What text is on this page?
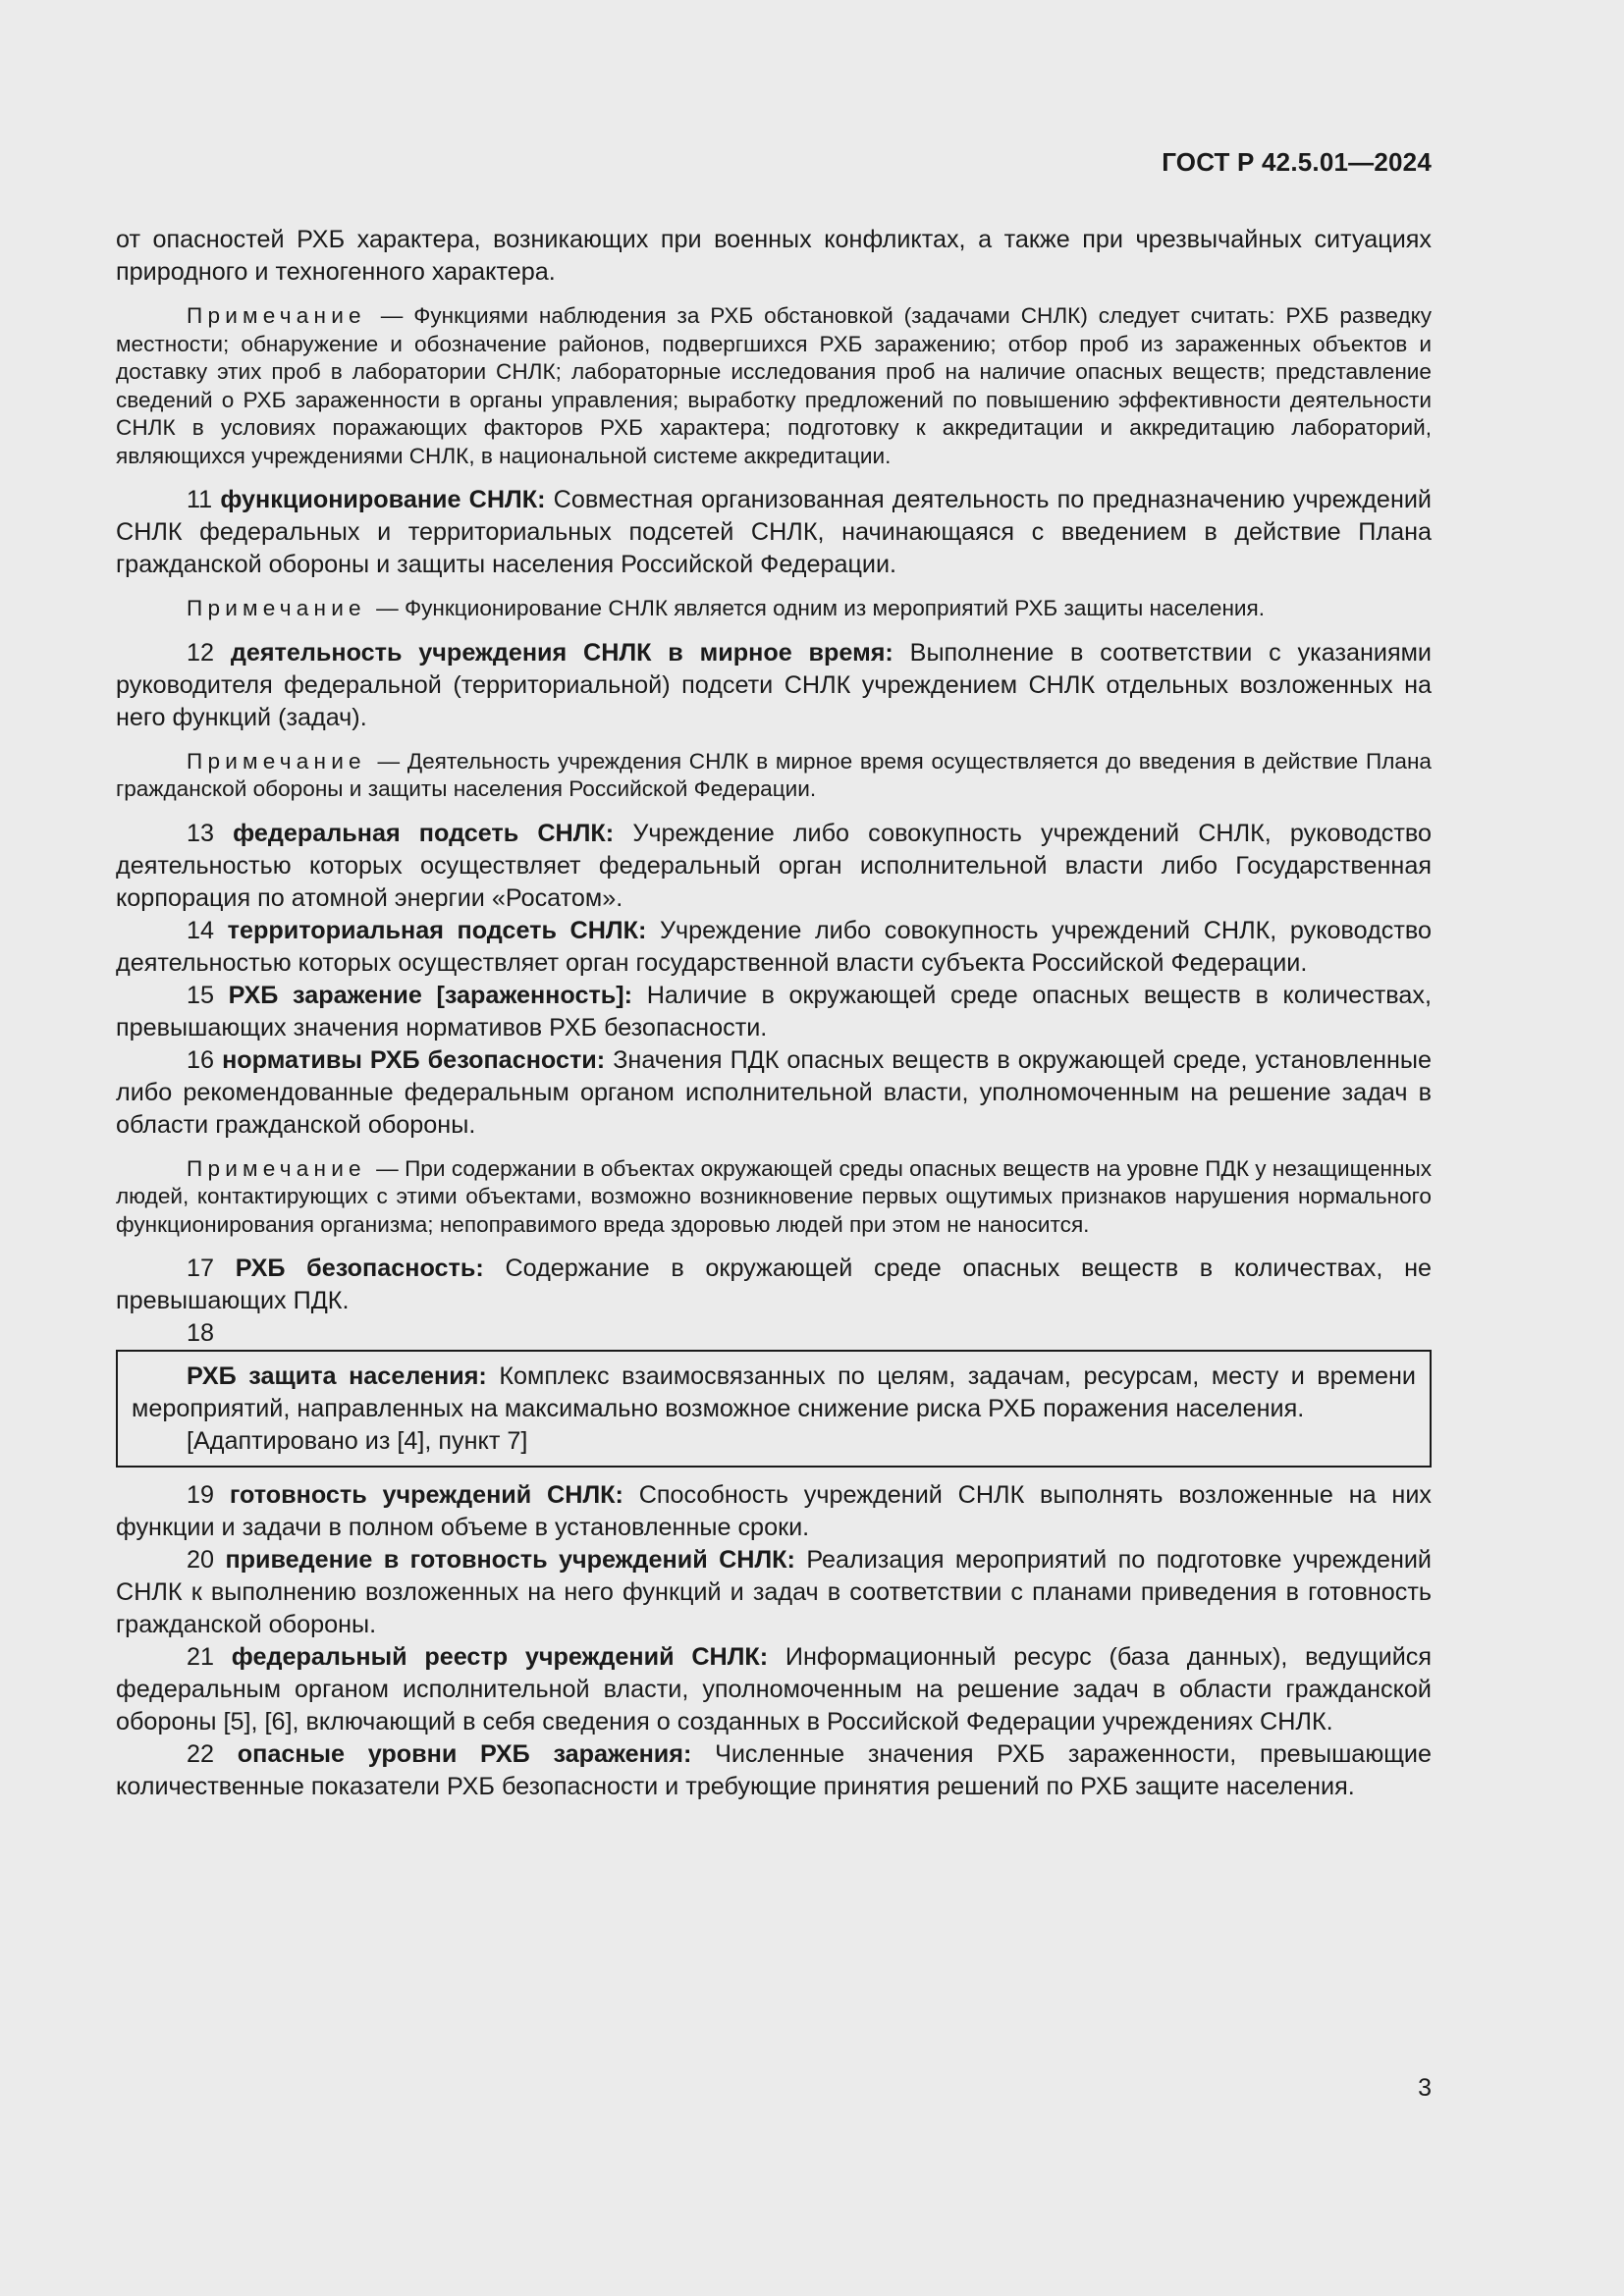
ГОСТ Р 42.5.01—2024

от опасностей РХБ характера, возникающих при военных конфликтах, а также при чрезвычайных ситуациях природного и техногенного характера.

Примечание — Функциями наблюдения за РХБ обстановкой (задачами СНЛК) следует считать: РХБ разведку местности; обнаружение и обозначение районов, подвергшихся РХБ заражению; отбор проб из зараженных объектов и доставку этих проб в лаборатории СНЛК; лабораторные исследования проб на наличие опасных веществ; представление сведений о РХБ зараженности в органы управления; выработку предложений по повышению эффективности деятельности СНЛК в условиях поражающих факторов РХБ характера; подготовку к аккредитации и аккредитацию лабораторий, являющихся учреждениями СНЛК, в национальной системе аккредитации.

11 функционирование СНЛК: Совместная организованная деятельность по предназначению учреждений СНЛК федеральных и территориальных подсетей СНЛК, начинающаяся с введением в действие Плана гражданской обороны и защиты населения Российской Федерации.

Примечание — Функционирование СНЛК является одним из мероприятий РХБ защиты населения.

12 деятельность учреждения СНЛК в мирное время: Выполнение в соответствии с указаниями руководителя федеральной (территориальной) подсети СНЛК учреждением СНЛК отдельных возложенных на него функций (задач).

Примечание — Деятельность учреждения СНЛК в мирное время осуществляется до введения в действие Плана гражданской обороны и защиты населения Российской Федерации.

13 федеральная подсеть СНЛК: Учреждение либо совокупность учреждений СНЛК, руководство деятельностью которых осуществляет федеральный орган исполнительной власти либо Государственная корпорация по атомной энергии «Росатом».

14 территориальная подсеть СНЛК: Учреждение либо совокупность учреждений СНЛК, руководство деятельностью которых осуществляет орган государственной власти субъекта Российской Федерации.

15 РХБ заражение [зараженность]: Наличие в окружающей среде опасных веществ в количествах, превышающих значения нормативов РХБ безопасности.

16 нормативы РХБ безопасности: Значения ПДК опасных веществ в окружающей среде, установленные либо рекомендованные федеральным органом исполнительной власти, уполномоченным на решение задач в области гражданской обороны.

Примечание — При содержании в объектах окружающей среды опасных веществ на уровне ПДК у незащищенных людей, контактирующих с этими объектами, возможно возникновение первых ощутимых признаков нарушения нормального функционирования организма; непоправимого вреда здоровью людей при этом не наносится.

17 РХБ безопасность: Содержание в окружающей среде опасных веществ в количествах, не превышающих ПДК.

18

РХБ защита населения: Комплекс взаимосвязанных по целям, задачам, ресурсам, месту и времени мероприятий, направленных на максимально возможное снижение риска РХБ поражения населения.

[Адаптировано из [4], пункт 7]

19 готовность учреждений СНЛК: Способность учреждений СНЛК выполнять возложенные на них функции и задачи в полном объеме в установленные сроки.

20 приведение в готовность учреждений СНЛК: Реализация мероприятий по подготовке учреждений СНЛК к выполнению возложенных на него функций и задач в соответствии с планами приведения в готовность гражданской обороны.

21 федеральный реестр учреждений СНЛК: Информационный ресурс (база данных), ведущийся федеральным органом исполнительной власти, уполномоченным на решение задач в области гражданской обороны [5], [6], включающий в себя сведения о созданных в Российской Федерации учреждениях СНЛК.

22 опасные уровни РХБ заражения: Численные значения РХБ зараженности, превышающие количественные показатели РХБ безопасности и требующие принятия решений по РХБ защите населения.

3
